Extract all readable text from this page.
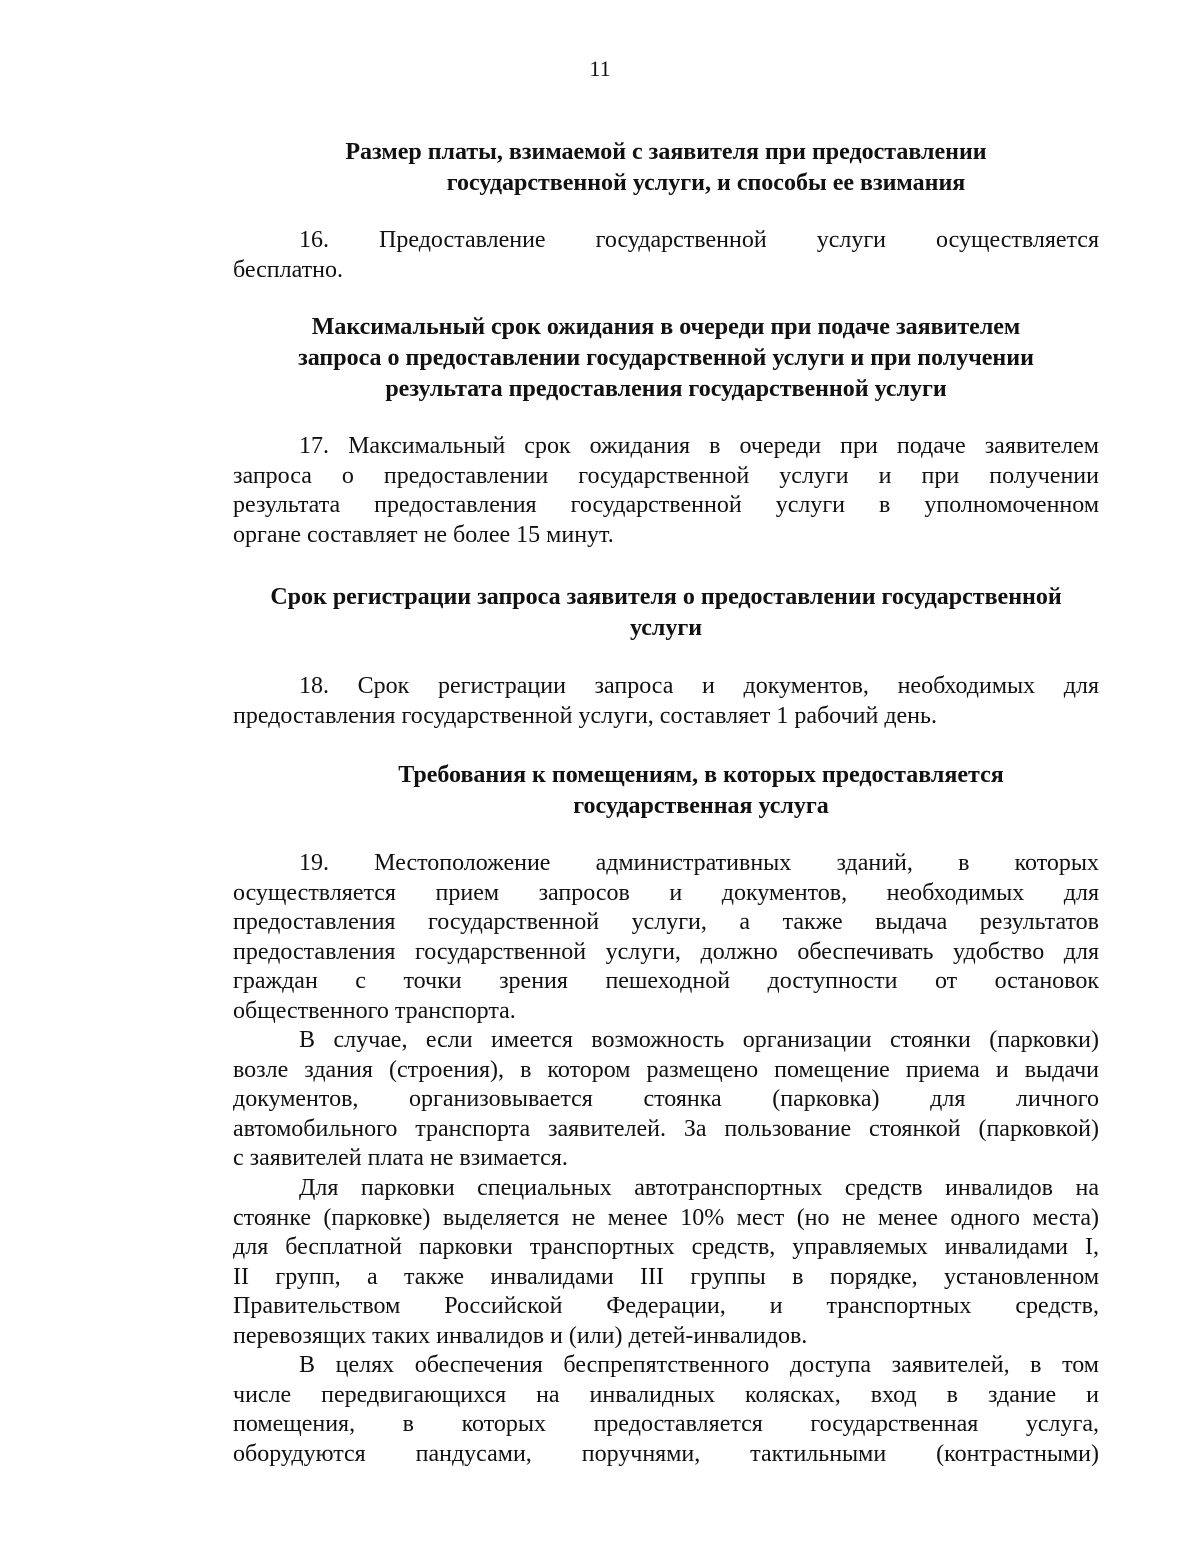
11
Размер платы, взимаемой с заявителя при предоставлении
государственной услуги, и способы ее взимания
16. Предоставление государственной услуги осуществляется
бесплатно.
Максимальный срок ожидания в очереди при подаче заявителем
запроса о предоставлении государственной услуги и при получении
результата предоставления государственной услуги
17. Максимальный срок ожидания в очереди при подаче заявителем
запроса о предоставлении государственной услуги и при получении
результата предоставления государственной услуги в уполномоченном
органе составляет не более 15 минут.
Срок регистрации запроса заявителя о предоставлении государственной
услуги
18. Срок регистрации запроса и документов, необходимых для
предоставления государственной услуги, составляет 1 рабочий день.
Требования к помещениям, в которых предоставляется
государственная услуга
19. Местоположение административных зданий, в которых
осуществляется прием запросов и документов, необходимых для
предоставления государственной услуги, а также выдача результатов
предоставления государственной услуги, должно обеспечивать удобство для
граждан с точки зрения пешеходной доступности от остановок
общественного транспорта.
В случае, если имеется возможность организации стоянки (парковки)
возле здания (строения), в котором размещено помещение приема и выдачи
документов, организовывается стоянка (парковка) для личного
автомобильного транспорта заявителей. За пользование стоянкой (парковкой)
с заявителей плата не взимается.
Для парковки специальных автотранспортных средств инвалидов на
стоянке (парковке) выделяется не менее 10% мест (но не менее одного места)
для бесплатной парковки транспортных средств, управляемых инвалидами I,
II групп, а также инвалидами III группы в порядке, установленном
Правительством Российской Федерации, и транспортных средств,
перевозящих таких инвалидов и (или) детей-инвалидов.
В целях обеспечения беспрепятственного доступа заявителей, в том
числе передвигающихся на инвалидных колясках, вход в здание и
помещения, в которых предоставляется государственная услуга,
оборудуются пандусами, поручнями, тактильными (контрастными)
